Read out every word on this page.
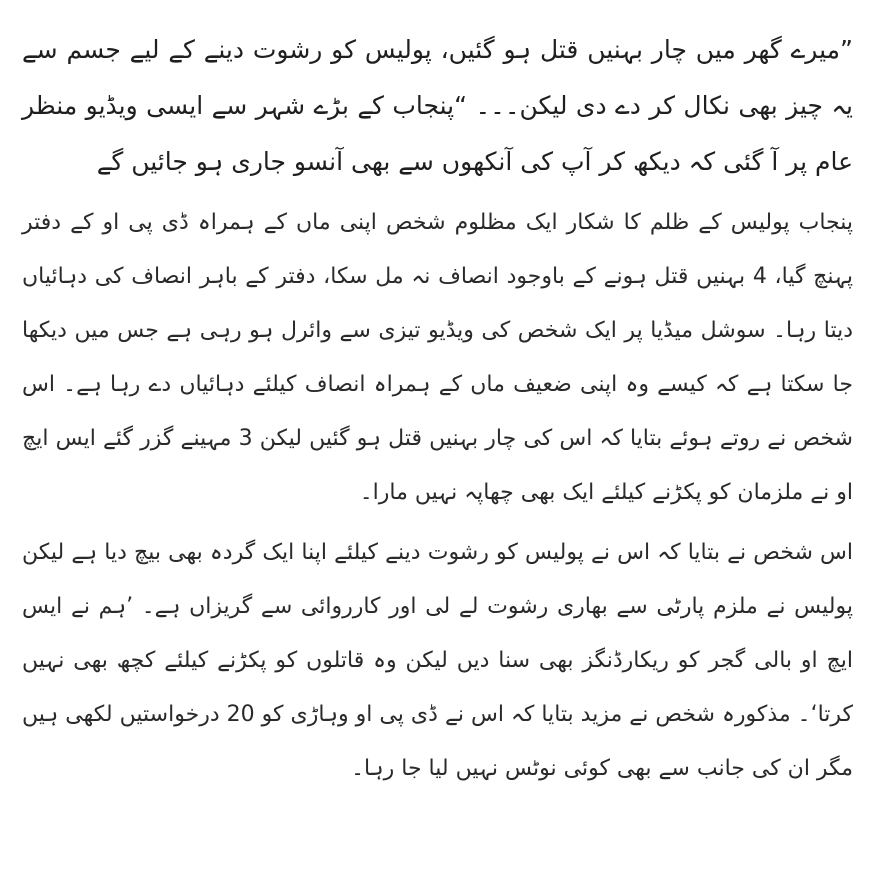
”میرے گھر میں چار بہنیں قتل ہو گئیں، پولیس کو رشوت دینے کے لیے جسم سے یہ چیز بھی نکال کر دے دی لیکن۔۔۔ “پنجاب کے بڑے شہر سے ایسی ویڈیو منظر عام پر آ گئی کہ دیکھ کر آپ کی آنکھوں سے بھی آنسو جاری ہو جائیں گے

پنجاب پولیس کے ظلم کا شکار ایک مظلوم شخص اپنی ماں کے ہمراہ ڈی پی او کے دفتر پہنچ گیا، 4 بہنیں قتل ہونے کے باوجود انصاف نہ مل سکا، دفتر کے باہر انصاف کی دہائیاں دیتا رہا۔ سوشل میڈیا پر ایک شخص کی ویڈیو تیزی سے وائرل ہو رہی ہے جس میں دیکھا جا سکتا ہے کہ کیسے وہ اپنی ضعیف ماں کے ہمراہ انصاف کیلئے دہائیاں دے رہا ہے۔ اس شخص نے روتے ہوئے بتایا کہ اس کی چار بہنیں قتل ہو گئیں لیکن 3 مہینے گزر گئے ایس ایچ او نے ملزمان کو پکڑنے کیلئے ایک بھی چھاپہ نہیں مارا۔

اس شخص نے بتایا کہ اس نے پولیس کو رشوت دینے کیلئے اپنا ایک گردہ بھی بیچ دیا ہے لیکن پولیس نے ملزم پارٹی سے بھاری رشوت لے لی اور کارروائی سے گریزاں ہے۔ ’ہم نے ایس ایچ او بالی گجر کو ریکارڈنگز بھی سنا دیں لیکن وہ قاتلوں کو پکڑنے کیلئے کچھ بھی نہیں کرتا‘۔ مذکورہ شخص نے مزید بتایا کہ اس نے ڈی پی او وہاڑی کو 20 درخواستیں لکھی ہیں مگر ان کی جانب سے بھی کوئی نوٹس نہیں لیا جا رہا۔
